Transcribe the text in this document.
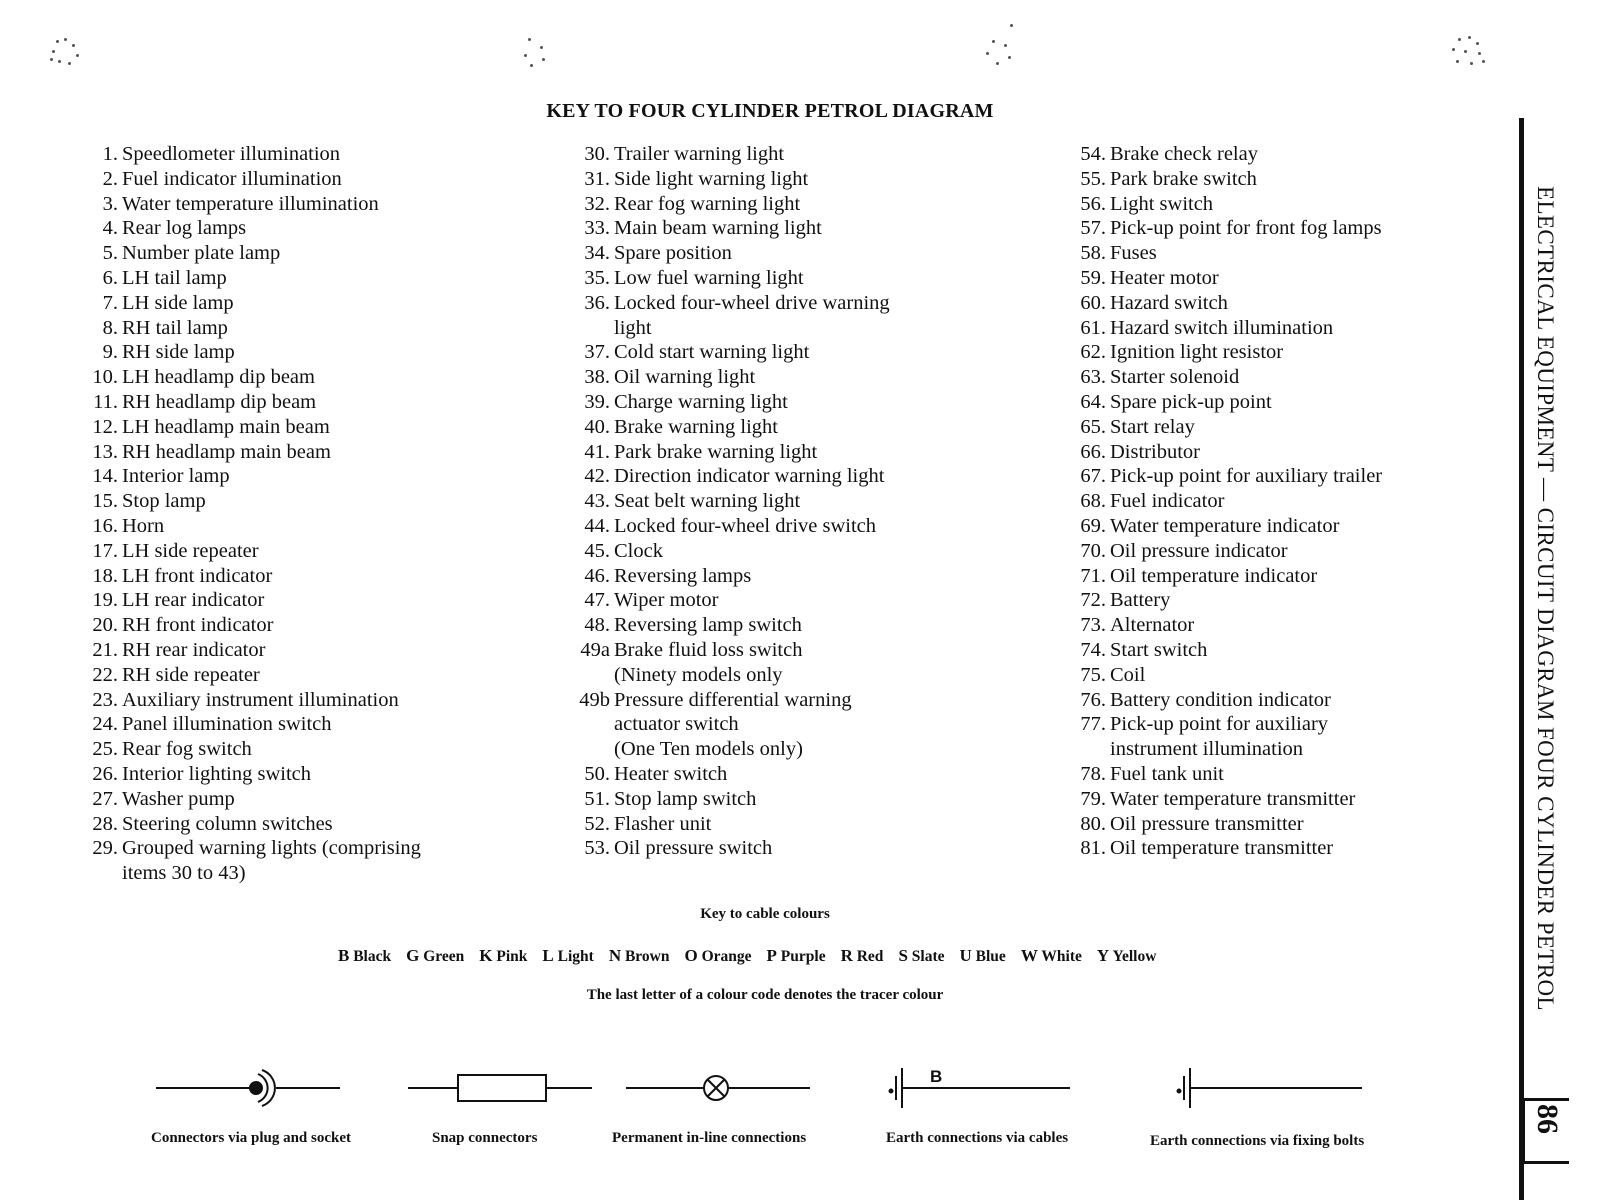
KEY TO FOUR CYLINDER PETROL DIAGRAM
1. Speedlometer illumination
2. Fuel indicator illumination
3. Water temperature illumination
4. Rear log lamps
5. Number plate lamp
6. LH tail lamp
7. LH side lamp
8. RH tail lamp
9. RH side lamp
10. LH headlamp dip beam
11. RH headlamp dip beam
12. LH headlamp main beam
13. RH headlamp main beam
14. Interior lamp
15. Stop lamp
16. Horn
17. LH side repeater
18. LH front indicator
19. LH rear indicator
20. RH front indicator
21. RH rear indicator
22. RH side repeater
23. Auxiliary instrument illumination
24. Panel illumination switch
25. Rear fog switch
26. Interior lighting switch
27. Washer pump
28. Steering column switches
29. Grouped warning lights (comprising
items 30 to 43)
30. Trailer warning light
31. Side light warning light
32. Rear fog warning light
33. Main beam warning light
34. Spare position
35. Low fuel warning light
36. Locked four-wheel drive warning
light
37. Cold start warning light
38. Oil warning light
39. Charge warning light
40. Brake warning light
41. Park brake warning light
42. Direction indicator warning light
43. Seat belt warning light
44. Locked four-wheel drive switch
45. Clock
46. Reversing lamps
47. Wiper motor
48. Reversing lamp switch
49a Brake fluid loss switch
(Ninety models only
49b Pressure differential warning
actuator switch
(One Ten models only)
50. Heater switch
51. Stop lamp switch
52. Flasher unit
53. Oil pressure switch
54. Brake check relay
55. Park brake switch
56. Light switch
57. Pick-up point for front fog lamps
58. Fuses
59. Heater motor
60. Hazard switch
61. Hazard switch illumination
62. Ignition light resistor
63. Starter solenoid
64. Spare pick-up point
65. Start relay
66. Distributor
67. Pick-up point for auxiliary trailer
68. Fuel indicator
69. Water temperature indicator
70. Oil pressure indicator
71. Oil temperature indicator
72. Battery
73. Alternator
74. Start switch
75. Coil
76. Battery condition indicator
77. Pick-up point for auxiliary
instrument illumination
78. Fuel tank unit
79. Water temperature transmitter
80. Oil pressure transmitter
81. Oil temperature transmitter
Key to cable colours
B Black G Green K Pink L Light N Brown O Orange P Purple R Red S Slate U Blue W White Y Yellow
The last letter of a colour code denotes the tracer colour
B
Connectors via plug and socket	Snap connectors	Permanent in-line connections	Earth connections via cables	Earth connections via fixing bolts
ELECTRICAL EQUIPMENT — CIRCUIT DIAGRAM FOUR CYLINDER PETROL
86
